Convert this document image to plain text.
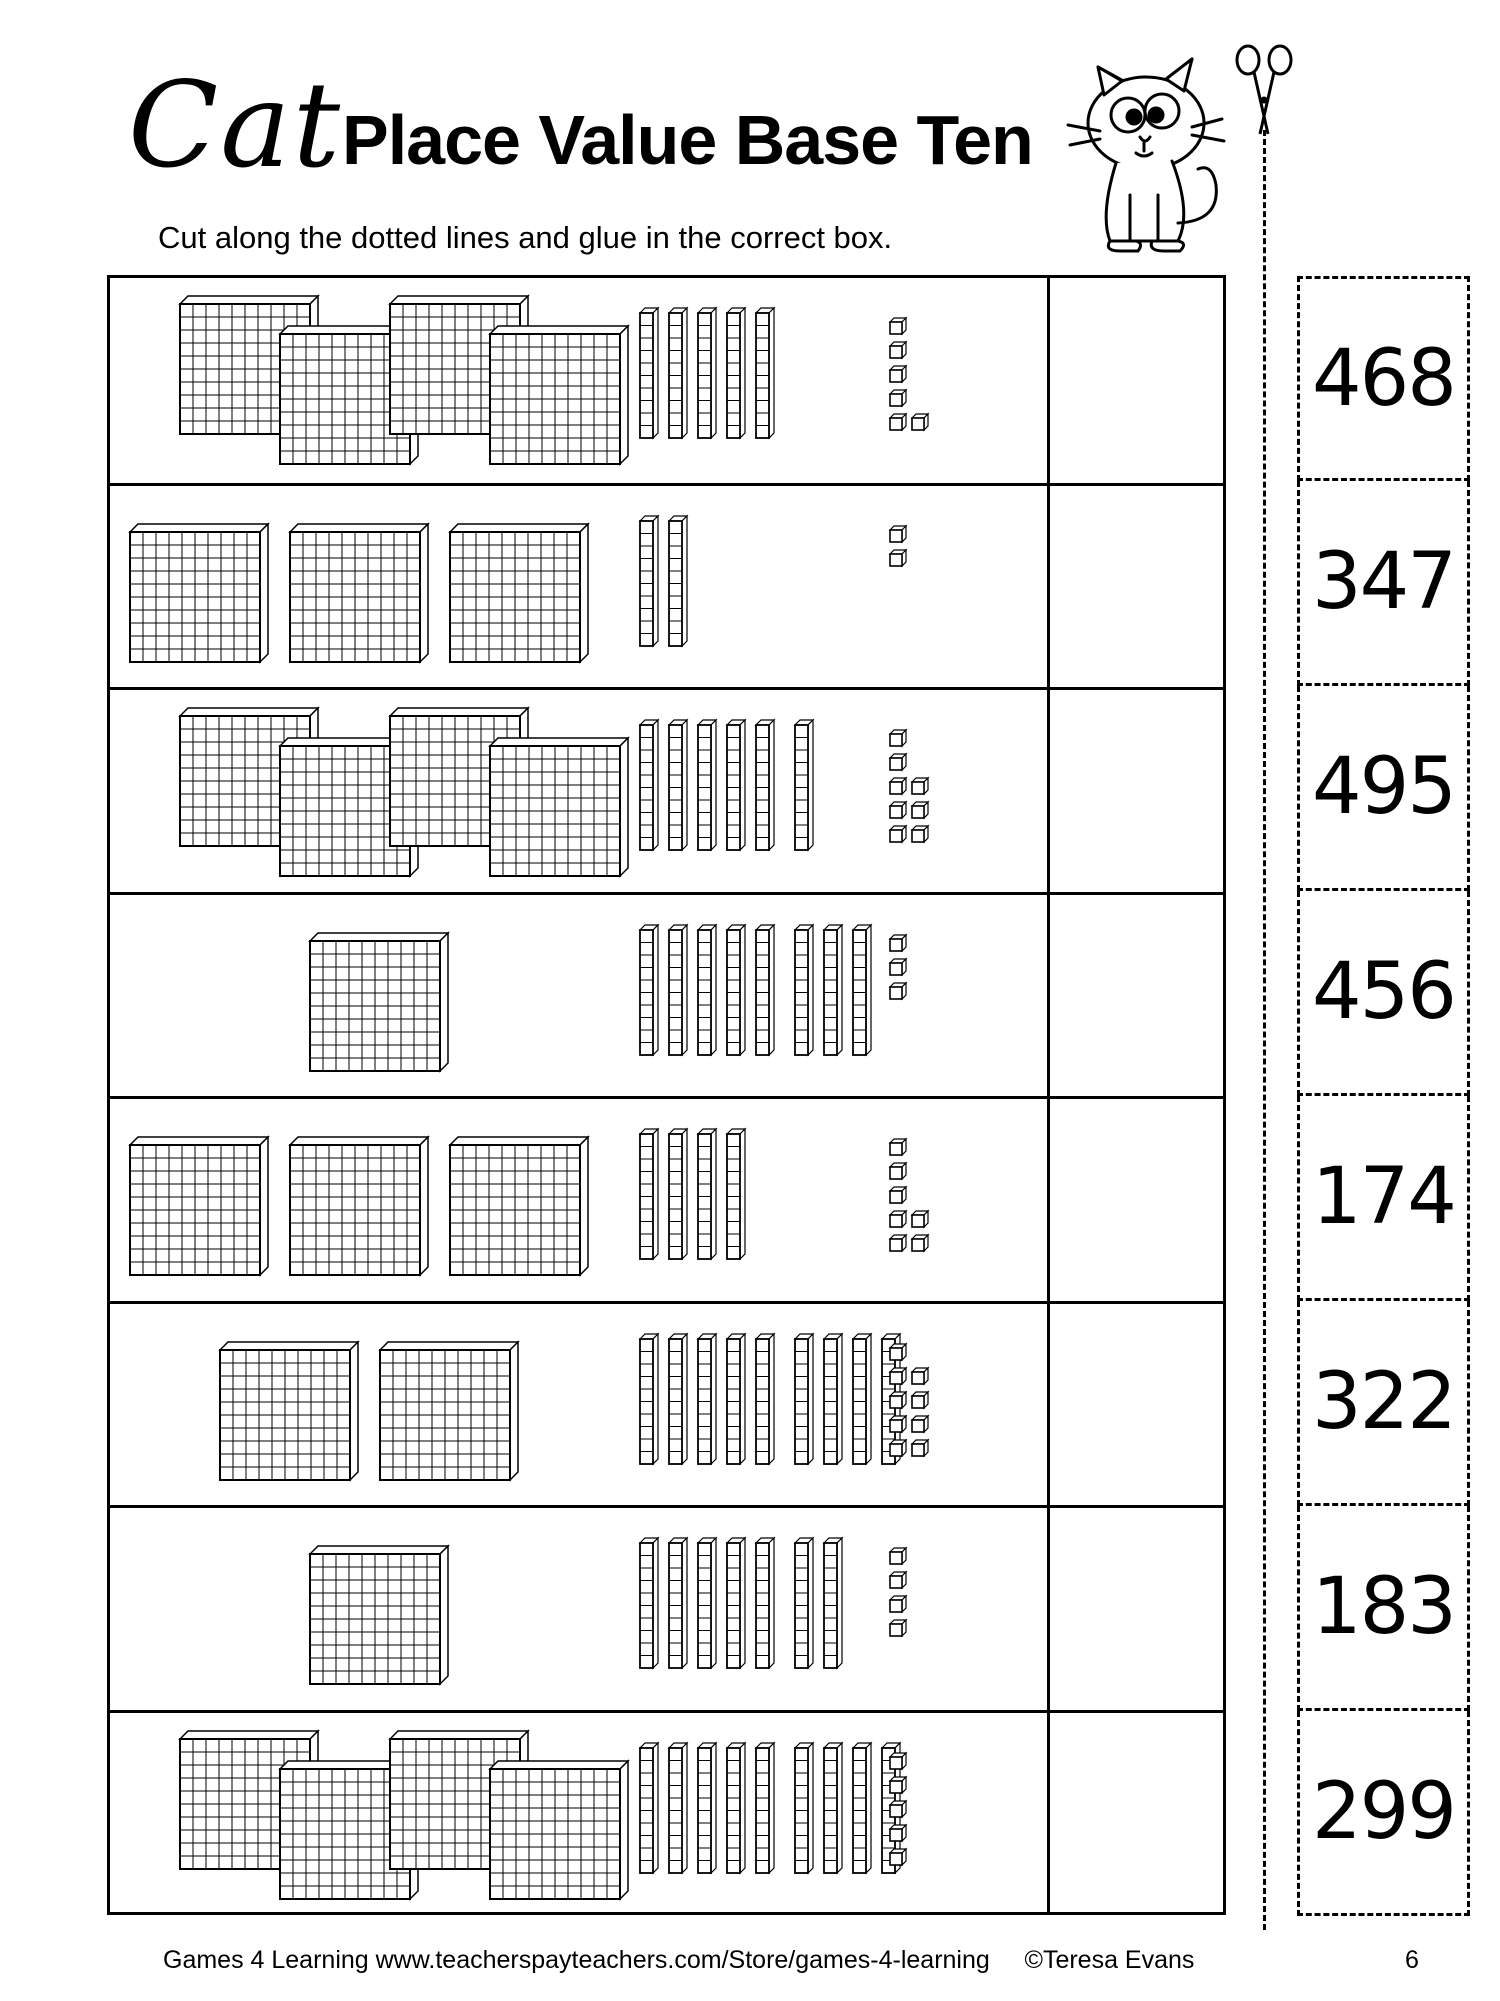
Cat Place Value Base Ten
Cut along the dotted lines and glue in the correct box.
468
347
495
456
174
322
183
299
Games 4 Learning www.teacherspayteachers.com/Store/games-4-learning     ©Teresa Evans	6
